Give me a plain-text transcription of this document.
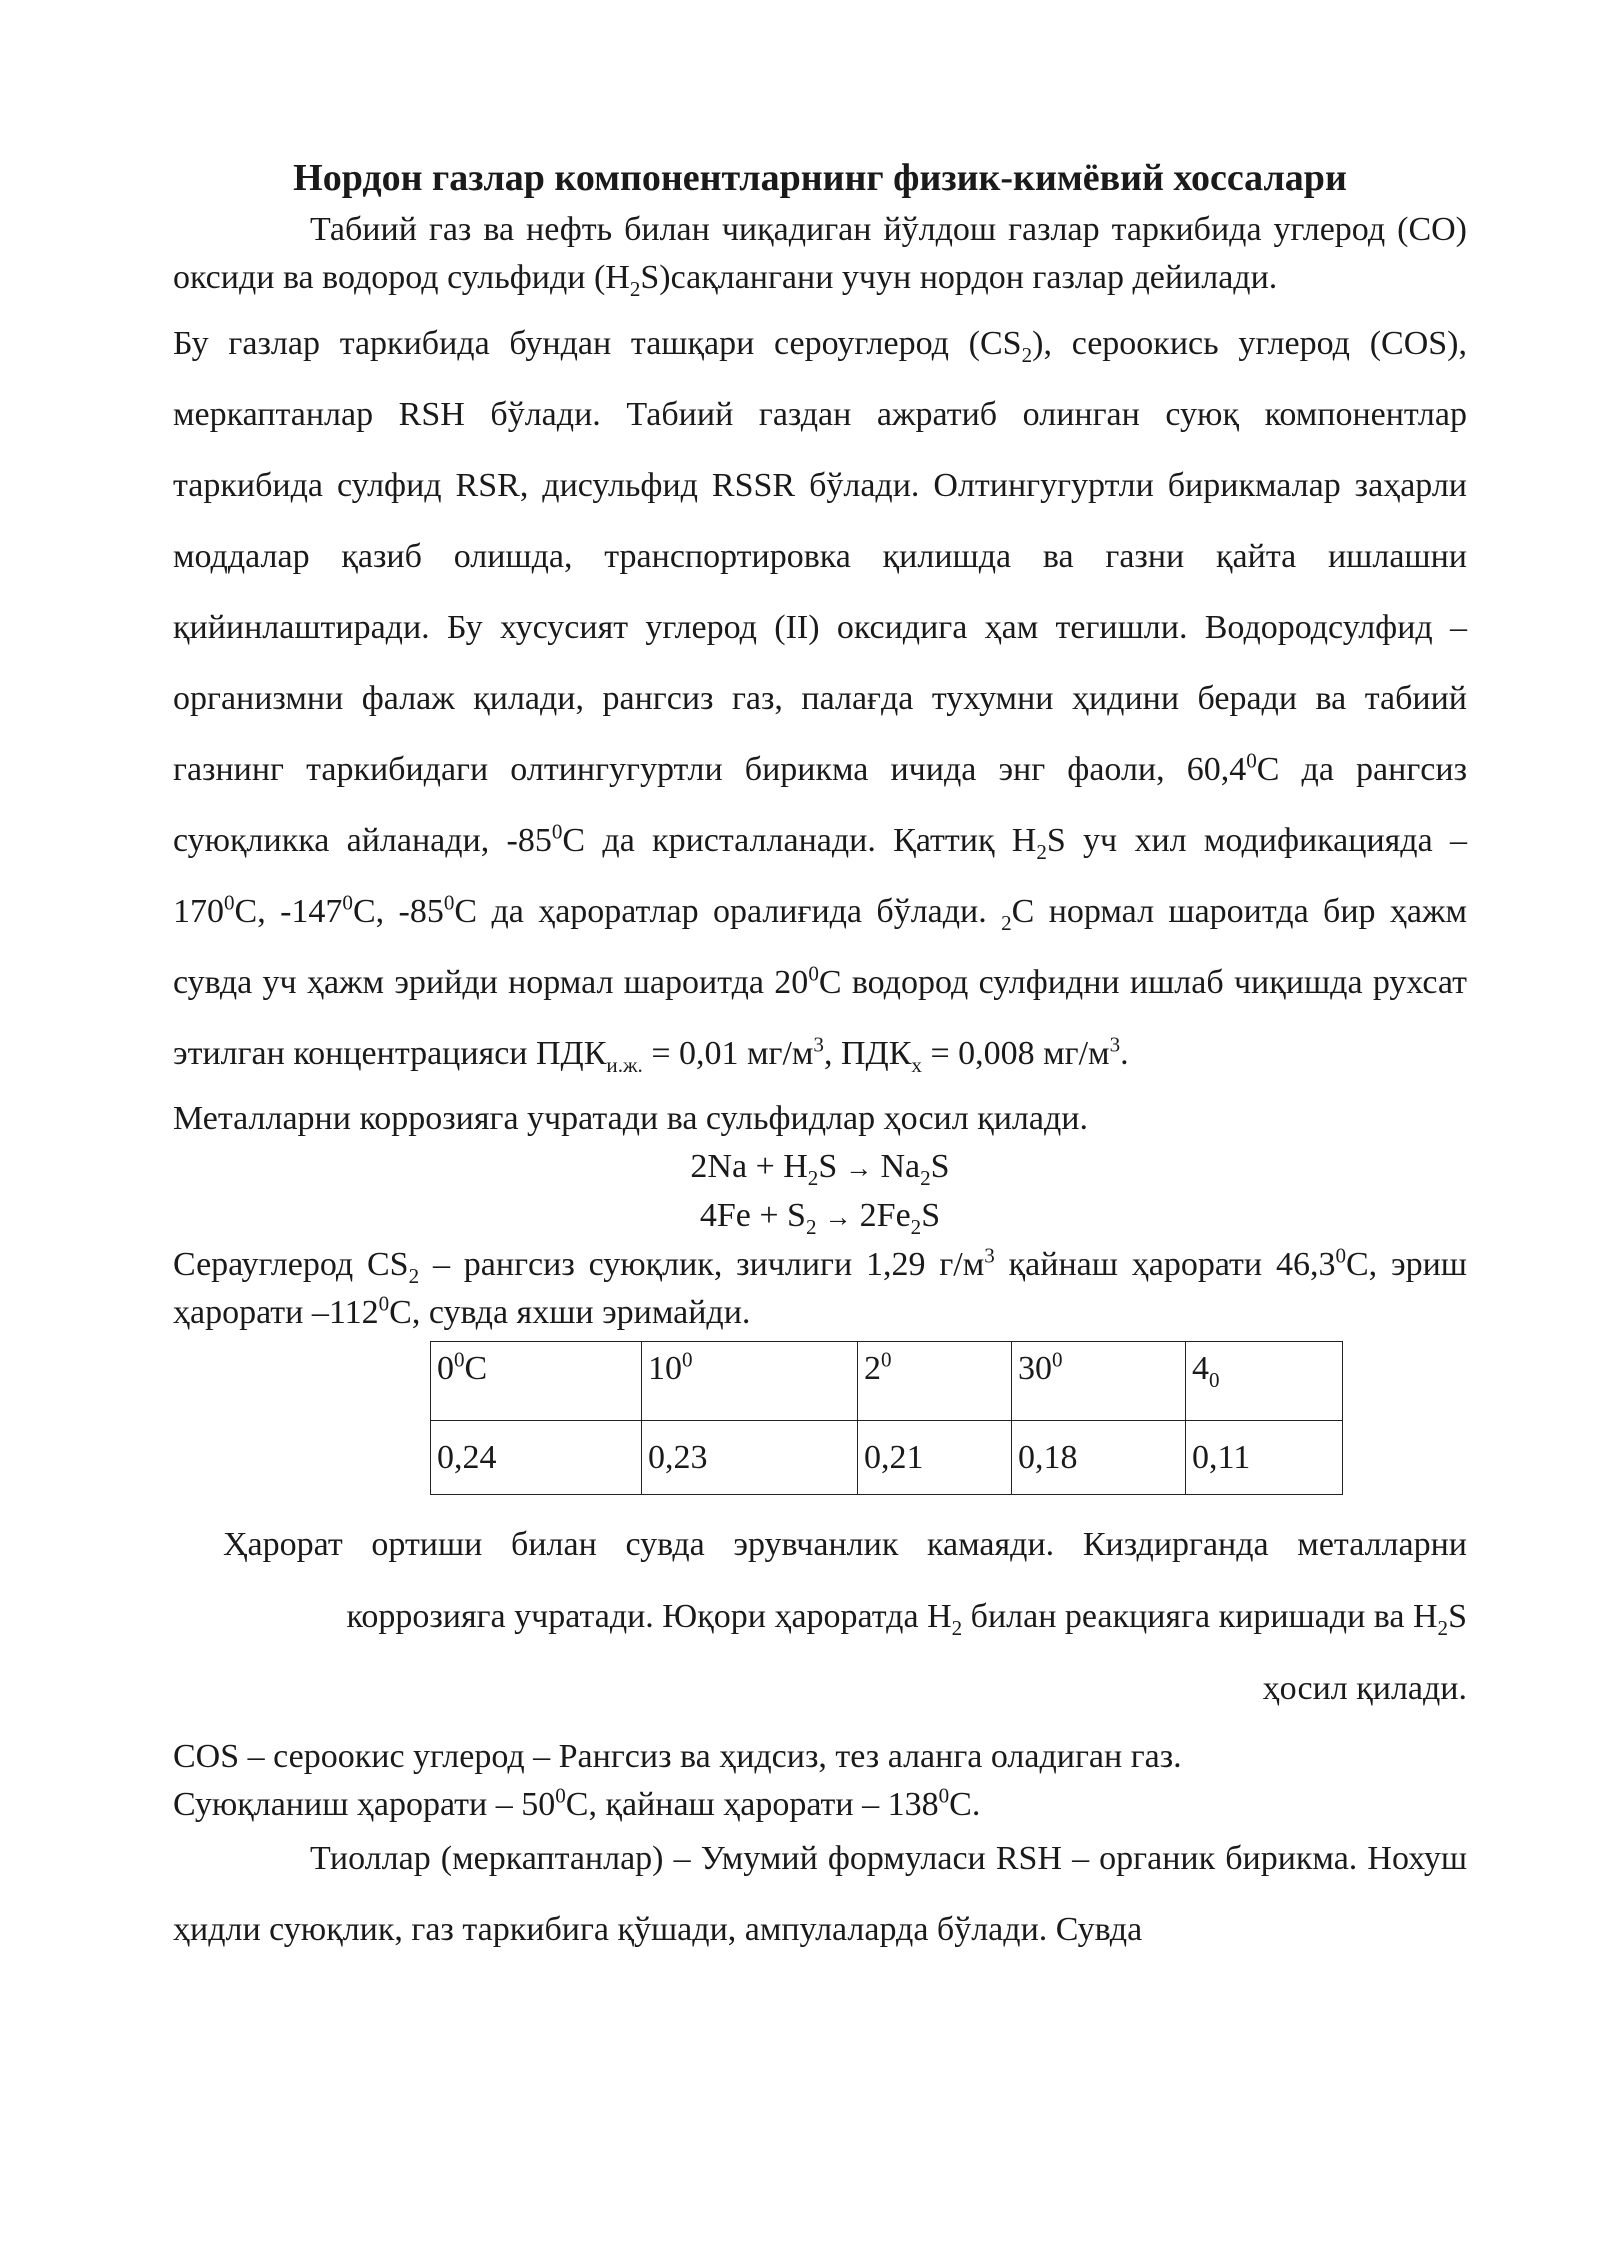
Нордон газлар компонентларнинг физик-кимёвий хоссалари

Табиий газ ва нефть билан чиқадиган йўлдош газлар таркибида углерод (CO) оксиди ва водород сульфиди $(H_2S)сақлангани$ учун нордон газлар дейилади.

Бу газлар таркибида бундан ташқари сероуглерод $(CS_2)$, сероокись углерод (COS), меркаптанлар RSH бўлади. Табиий газдан ажратиб олинган суюқ компонентлар таркибида сулфид RSR, дисульфид RSSR бўлади. Олтингугуртли бирикмалар заҳарли моддалар қазиб олишда, транспортировка қилишда ва газни қайта ишлашни қийинлаштиради. Бу хусусият углерод (II) оксидига ҳам тегишли. Водородсулфид – организмни фалаж қилади, рангсиз газ, палағда тухумни ҳидини беради ва табиий газнинг таркибидаги олтингугуртли бирикма ичида энг фаоли, 60,4$^0$С да рангсиз суюқликка айланади, $-85^0С$ да кристалланади. Қаттиқ $H_2S$ уч хил модификацияда $-170^0С$, $-147^0С$, $-85^0С$ да ҳароратлар оралиғида бўлади. $_2$С нормал шароитда бир ҳажм сувда уч ҳажм эрийди нормал шароитда $20^0С$ водород сулфидни ишлаб чиқишда рухсат этилган концентрацияси $ПДК_{и.ж.} = 0,01$ $мг/м^3$, $ПДК_х = 0,008$ $мг/м^3$.

Металларни коррозияга учратади ва сульфидлар ҳосил қилади.

$2Na + H_2S \to Na_2S$

$4Fe + S_2 \to 2Fe_2S$

Серауглерод $CS_2$ – рангсиз суюқлик, зичлиги 1,29 $г/м^3$ қайнаш ҳарорати 46,3$^0$С, эриш ҳарорати $-112^0С$, сувда яхши эримайди.

$0^0С$	$10^0$	$2^0$	$30^0$	$4_0$
0,24	0,23	0,21	0,18	0,11

Ҳарорат ортиши билан сувда эрувчанлик камаяди. Киздирганда металларни коррозияга учратади. Юқори ҳароратда $H_2$ билан реакцияга киришади ва $H_2S$

ҳосил қилади.

COS – сероокис углерод – Рангсиз ва ҳидсиз, тез аланга оладиган газ.

Суюқланиш ҳарорати – $50^0С$, қайнаш ҳарорати – $138^0С$.

Тиоллар (меркаптанлар) – Умумий формуласи RSH – органик бирикма. Нохуш ҳидли суюқлик, газ таркибига қўшади, ампулаларда бўлади. Сувда
